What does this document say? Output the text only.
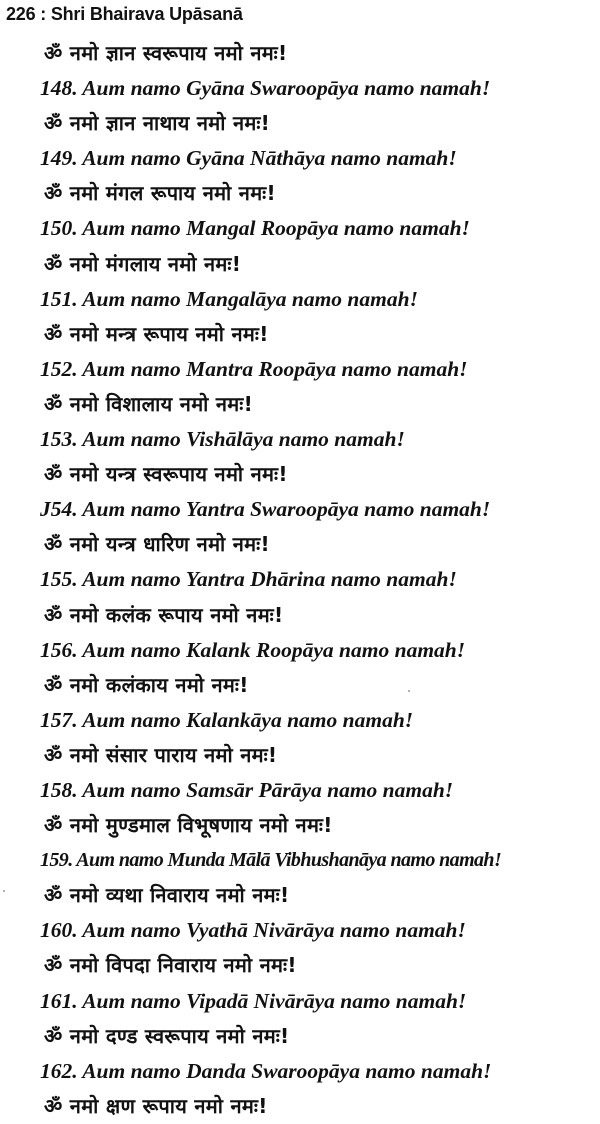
226 : Shri Bhairava Upāsanā
ॐ नमो ज्ञान स्वरूपाय नमो नमः!
148. Aum namo Gyāna Swaroopāya namo namah!
ॐ नमो ज्ञान नाथाय नमो नमः!
149. Aum namo Gyāna Nāthāya namo namah!
ॐ नमो मंगल रूपाय नमो नमः!
150. Aum namo Mangal Roopāya namo namah!
ॐ नमो मंगलाय नमो नमः!
151. Aum namo Mangalāya namo namah!
ॐ नमो मन्त्र रूपाय नमो नमः!
152. Aum namo Mantra Roopāya namo namah!
ॐ नमो विशालाय नमो नमः!
153. Aum namo Vishālāya namo namah!
ॐ नमो यन्त्र स्वरूपाय नमो नमः!
J54. Aum namo Yantra Swaroopāya namo namah!
ॐ नमो यन्त्र धारिण नमो नमः!
155. Aum namo Yantra Dhārina namo namah!
ॐ नमो कलंक रूपाय नमो नमः!
156. Aum namo Kalank Roopāya namo namah!
ॐ नमो कलंकाय नमो नमः!
157. Aum namo Kalankāya namo namah!
ॐ नमो संसार पाराय नमो नमः!
158. Aum namo Samsār Pārāya namo namah!
ॐ नमो मुण्डमाल विभूषणाय नमो नमः!
159. Aum namo Munda Mālā Vibhushanāya namo namah!
ॐ नमो व्यथा निवाराय नमो नमः!
160. Aum namo Vyathā Nivārāya namo namah!
ॐ नमो विपदा निवाराय नमो नमः!
161. Aum namo Vipadā Nivārāya namo namah!
ॐ नमो दण्ड स्वरूपाय नमो नमः!
162. Aum namo Danda Swaroopāya namo namah!
ॐ नमो क्षण रूपाय नमो नमः!
